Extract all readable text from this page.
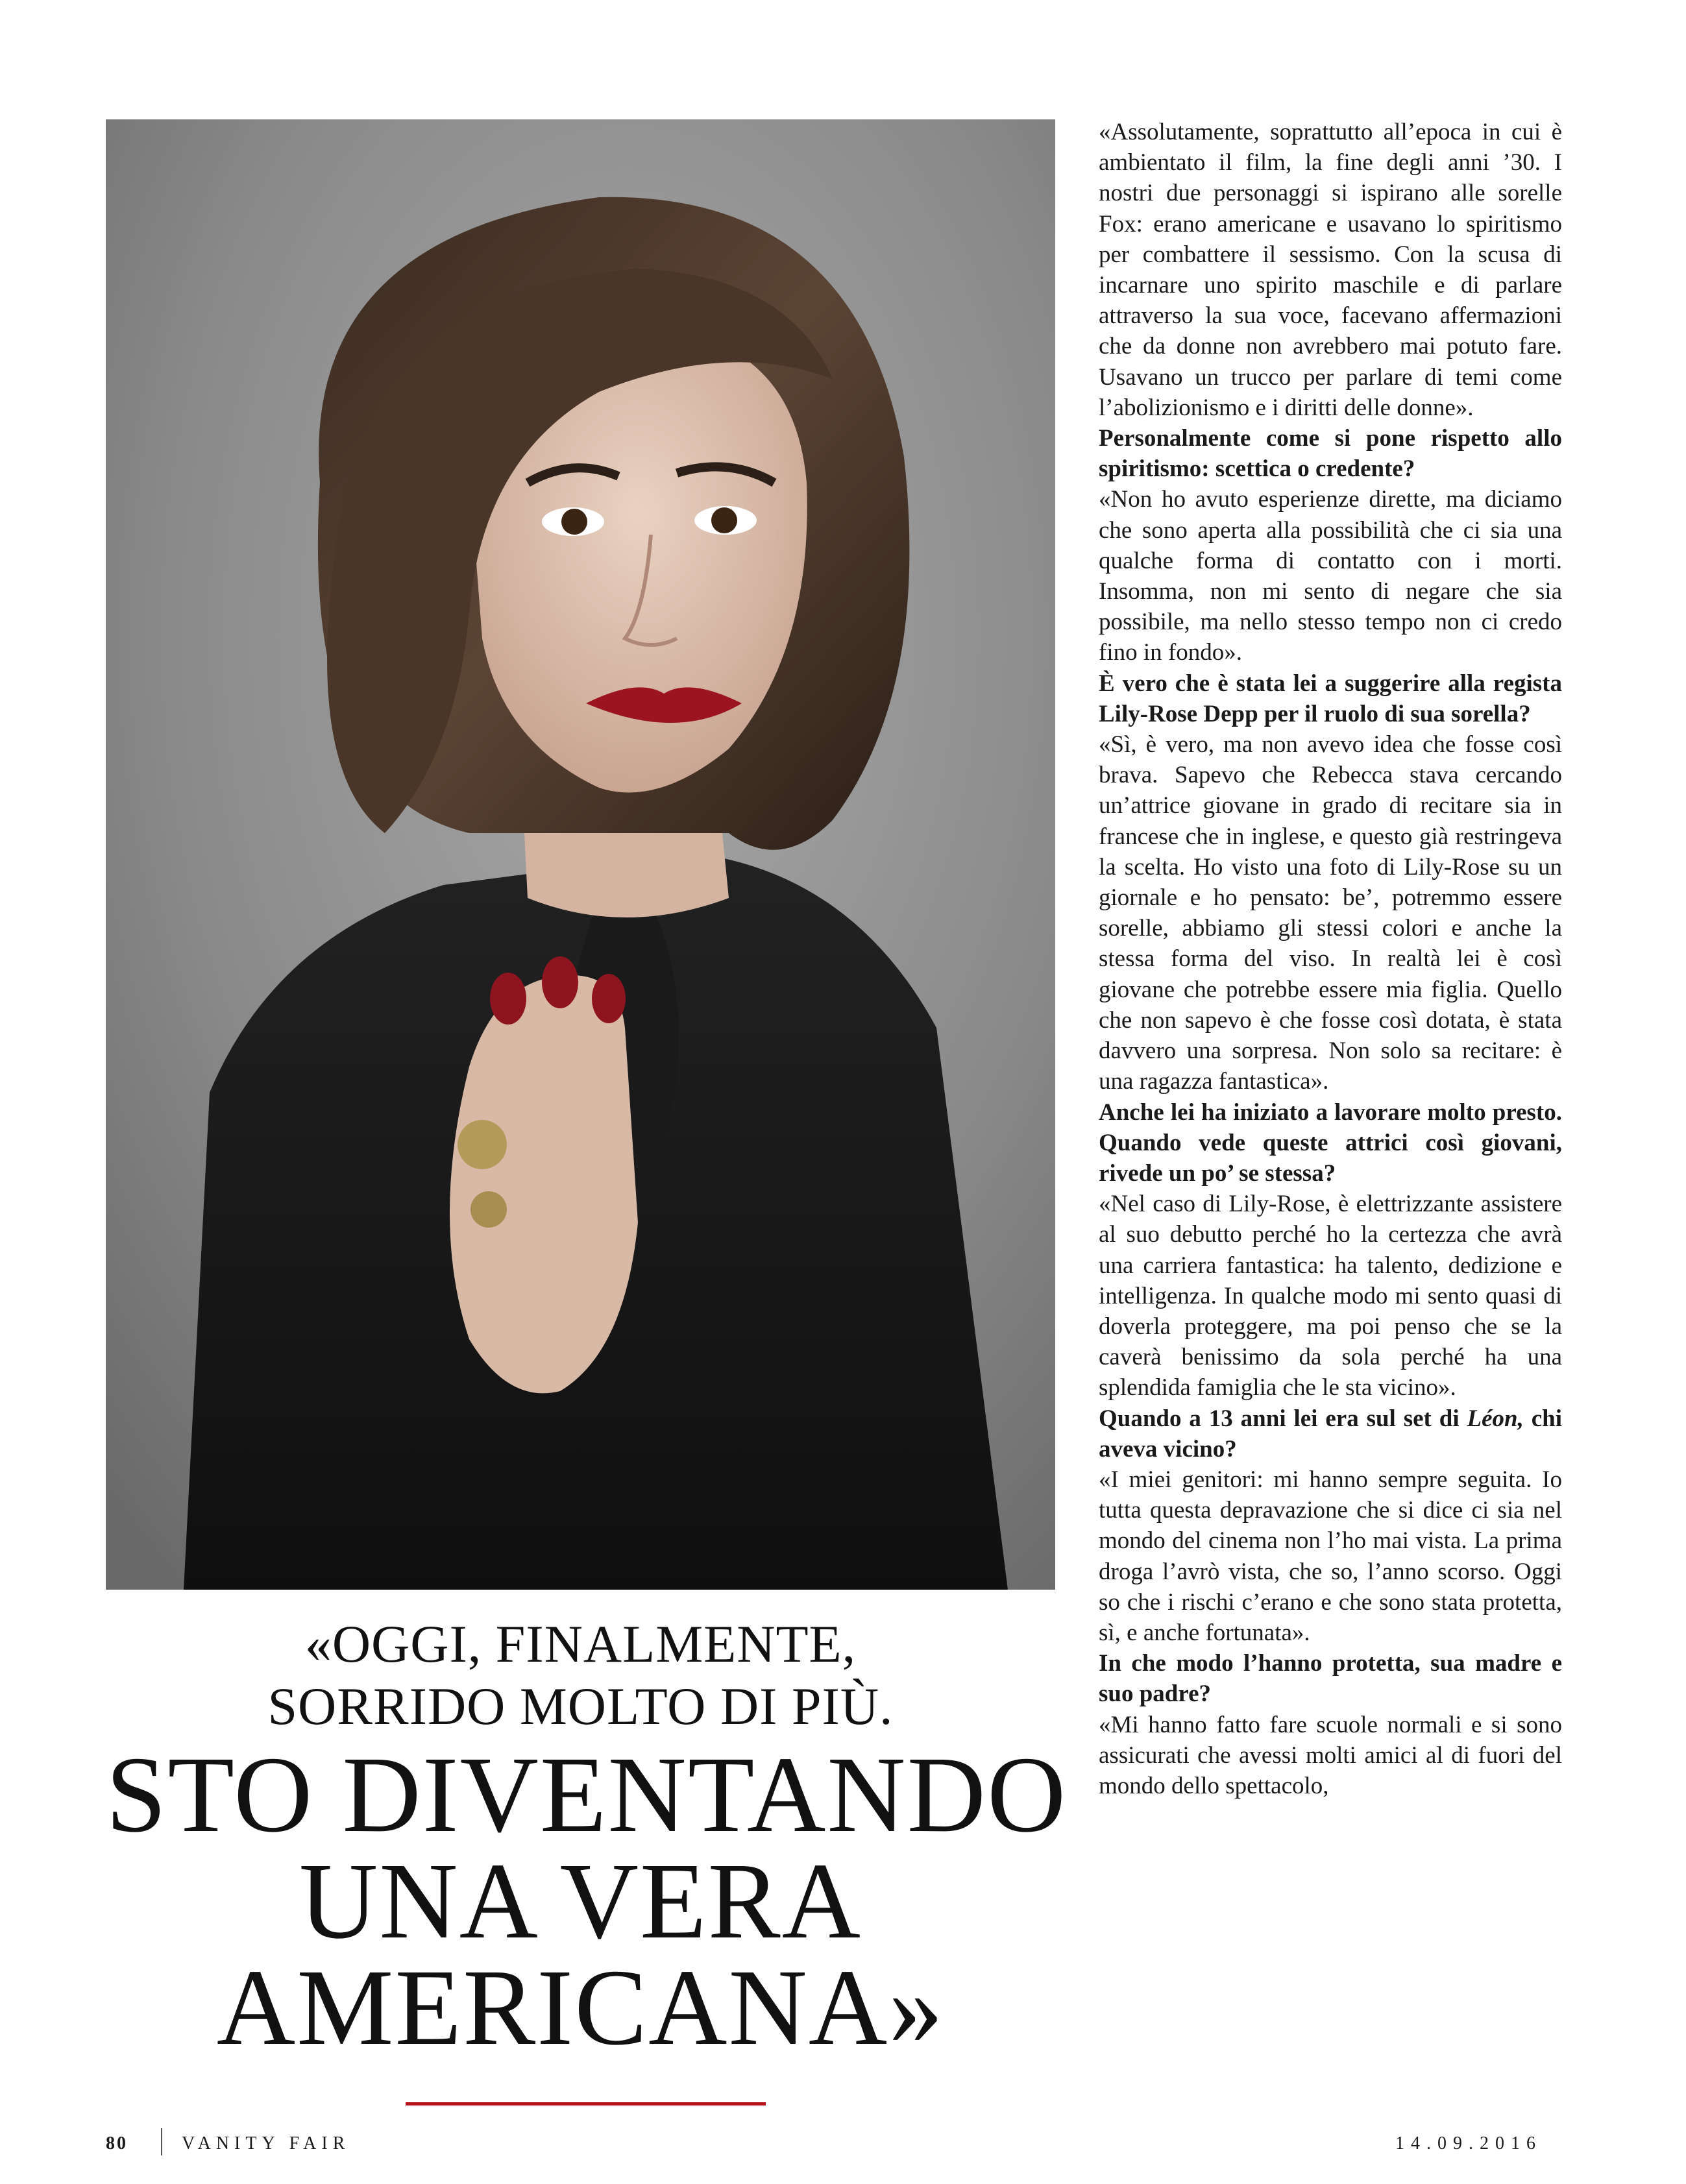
«OGGI, FINALMENTE,
SORRIDO MOLTO DI PIÙ.
STO DIVENTANDO
UNA VERA
AMERICANA»

«Assolutamente, soprattutto all’epoca in cui è ambientato il film, la fine degli anni ’30. I nostri due personaggi si ispirano alle sorelle Fox: erano americane e usavano lo spiritismo per combattere il sessismo. Con la scusa di incarnare uno spirito maschile e di parlare attraverso la sua voce, facevano affermazioni che da donne non avrebbero mai potuto fare. Usavano un trucco per parlare di temi come l’abolizionismo e i diritti delle donne».

Personalmente come si pone rispetto allo spiritismo: scettica o credente?

«Non ho avuto esperienze dirette, ma diciamo che sono aperta alla possibilità che ci sia una qualche forma di contatto con i morti. Insomma, non mi sento di negare che sia possibile, ma nello stesso tempo non ci credo fino in fondo».

È vero che è stata lei a suggerire alla regista Lily-Rose Depp per il ruolo di sua sorella?

«Sì, è vero, ma non avevo idea che fosse così brava. Sapevo che Rebecca stava cercando un’attrice giovane in grado di recitare sia in francese che in inglese, e questo già restringeva la scelta. Ho visto una foto di Lily-Rose su un giornale e ho pensato: be’, potremmo essere sorelle, abbiamo gli stessi colori e anche la stessa forma del viso. In realtà lei è così giovane che potrebbe essere mia figlia. Quello che non sapevo è che fosse così dotata, è stata davvero una sorpresa. Non solo sa recitare: è una ragazza fantastica».

Anche lei ha iniziato a lavorare molto presto. Quando vede queste attrici così giovani, rivede un po’ se stessa?

«Nel caso di Lily-Rose, è elettrizzante assistere al suo debutto perché ho la certezza che avrà una carriera fantastica: ha talento, dedizione e intelligenza. In qualche modo mi sento quasi di doverla proteggere, ma poi penso che se la caverà benissimo da sola perché ha una splendida famiglia che le sta vicino».

Quando a 13 anni lei era sul set di Léon, chi aveva vicino?

«I miei genitori: mi hanno sempre seguita. Io tutta questa depravazione che si dice ci sia nel mondo del cinema non l’ho mai vista. La prima droga l’avrò vista, che so, l’anno scorso. Oggi so che i rischi c’erano e che sono stata protetta, sì, e anche fortunata».

In che modo l’hanno protetta, sua madre e suo padre?

«Mi hanno fatto fare scuole normali e si sono assicurati che avessi molti amici al di fuori del mondo dello spettacolo,

80	VANITY FAIR	14.09.2016
